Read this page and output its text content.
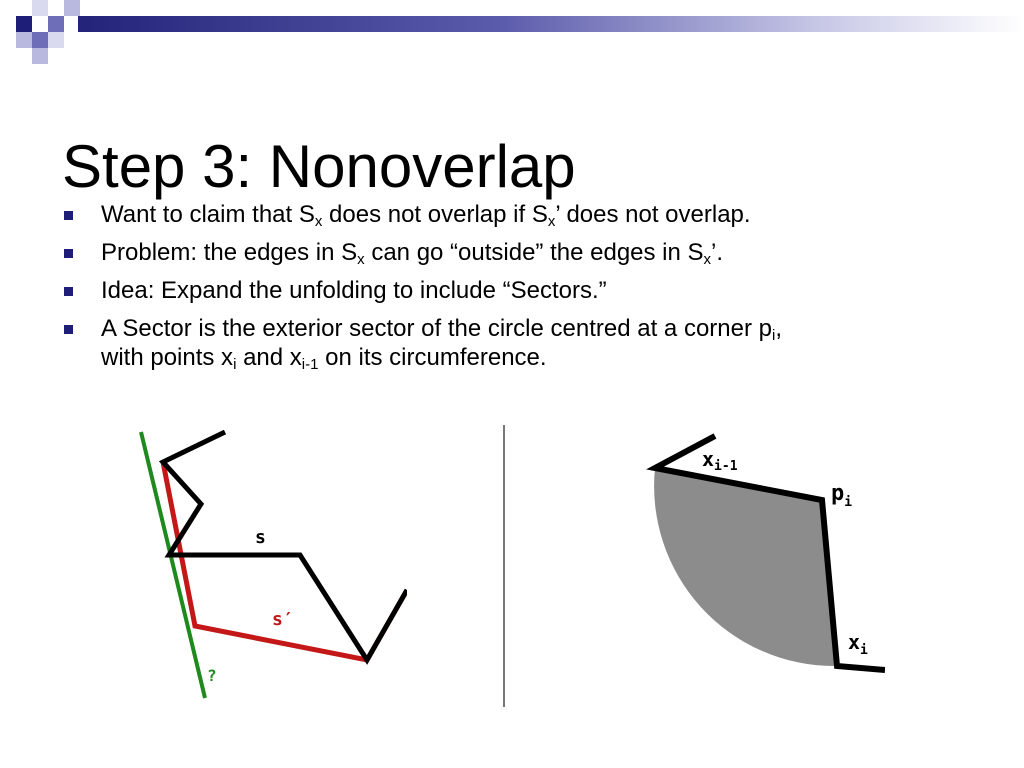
Step 3: Nonoverlap
Want to claim that $S_x$ does not overlap if $S_x$’ does not overlap.
Problem: the edges in $S_x$ can go “outside” the edges in $S_x$’.
Idea: Expand the unfolding to include “Sectors.”
A Sector is the exterior sector of the circle centred at a corner $p_i$,
with points $x_i$ and $x_{i-1}$ on its circumference.
s
s′
?
$x_{i-1}$
$p_i$
$x_i$
